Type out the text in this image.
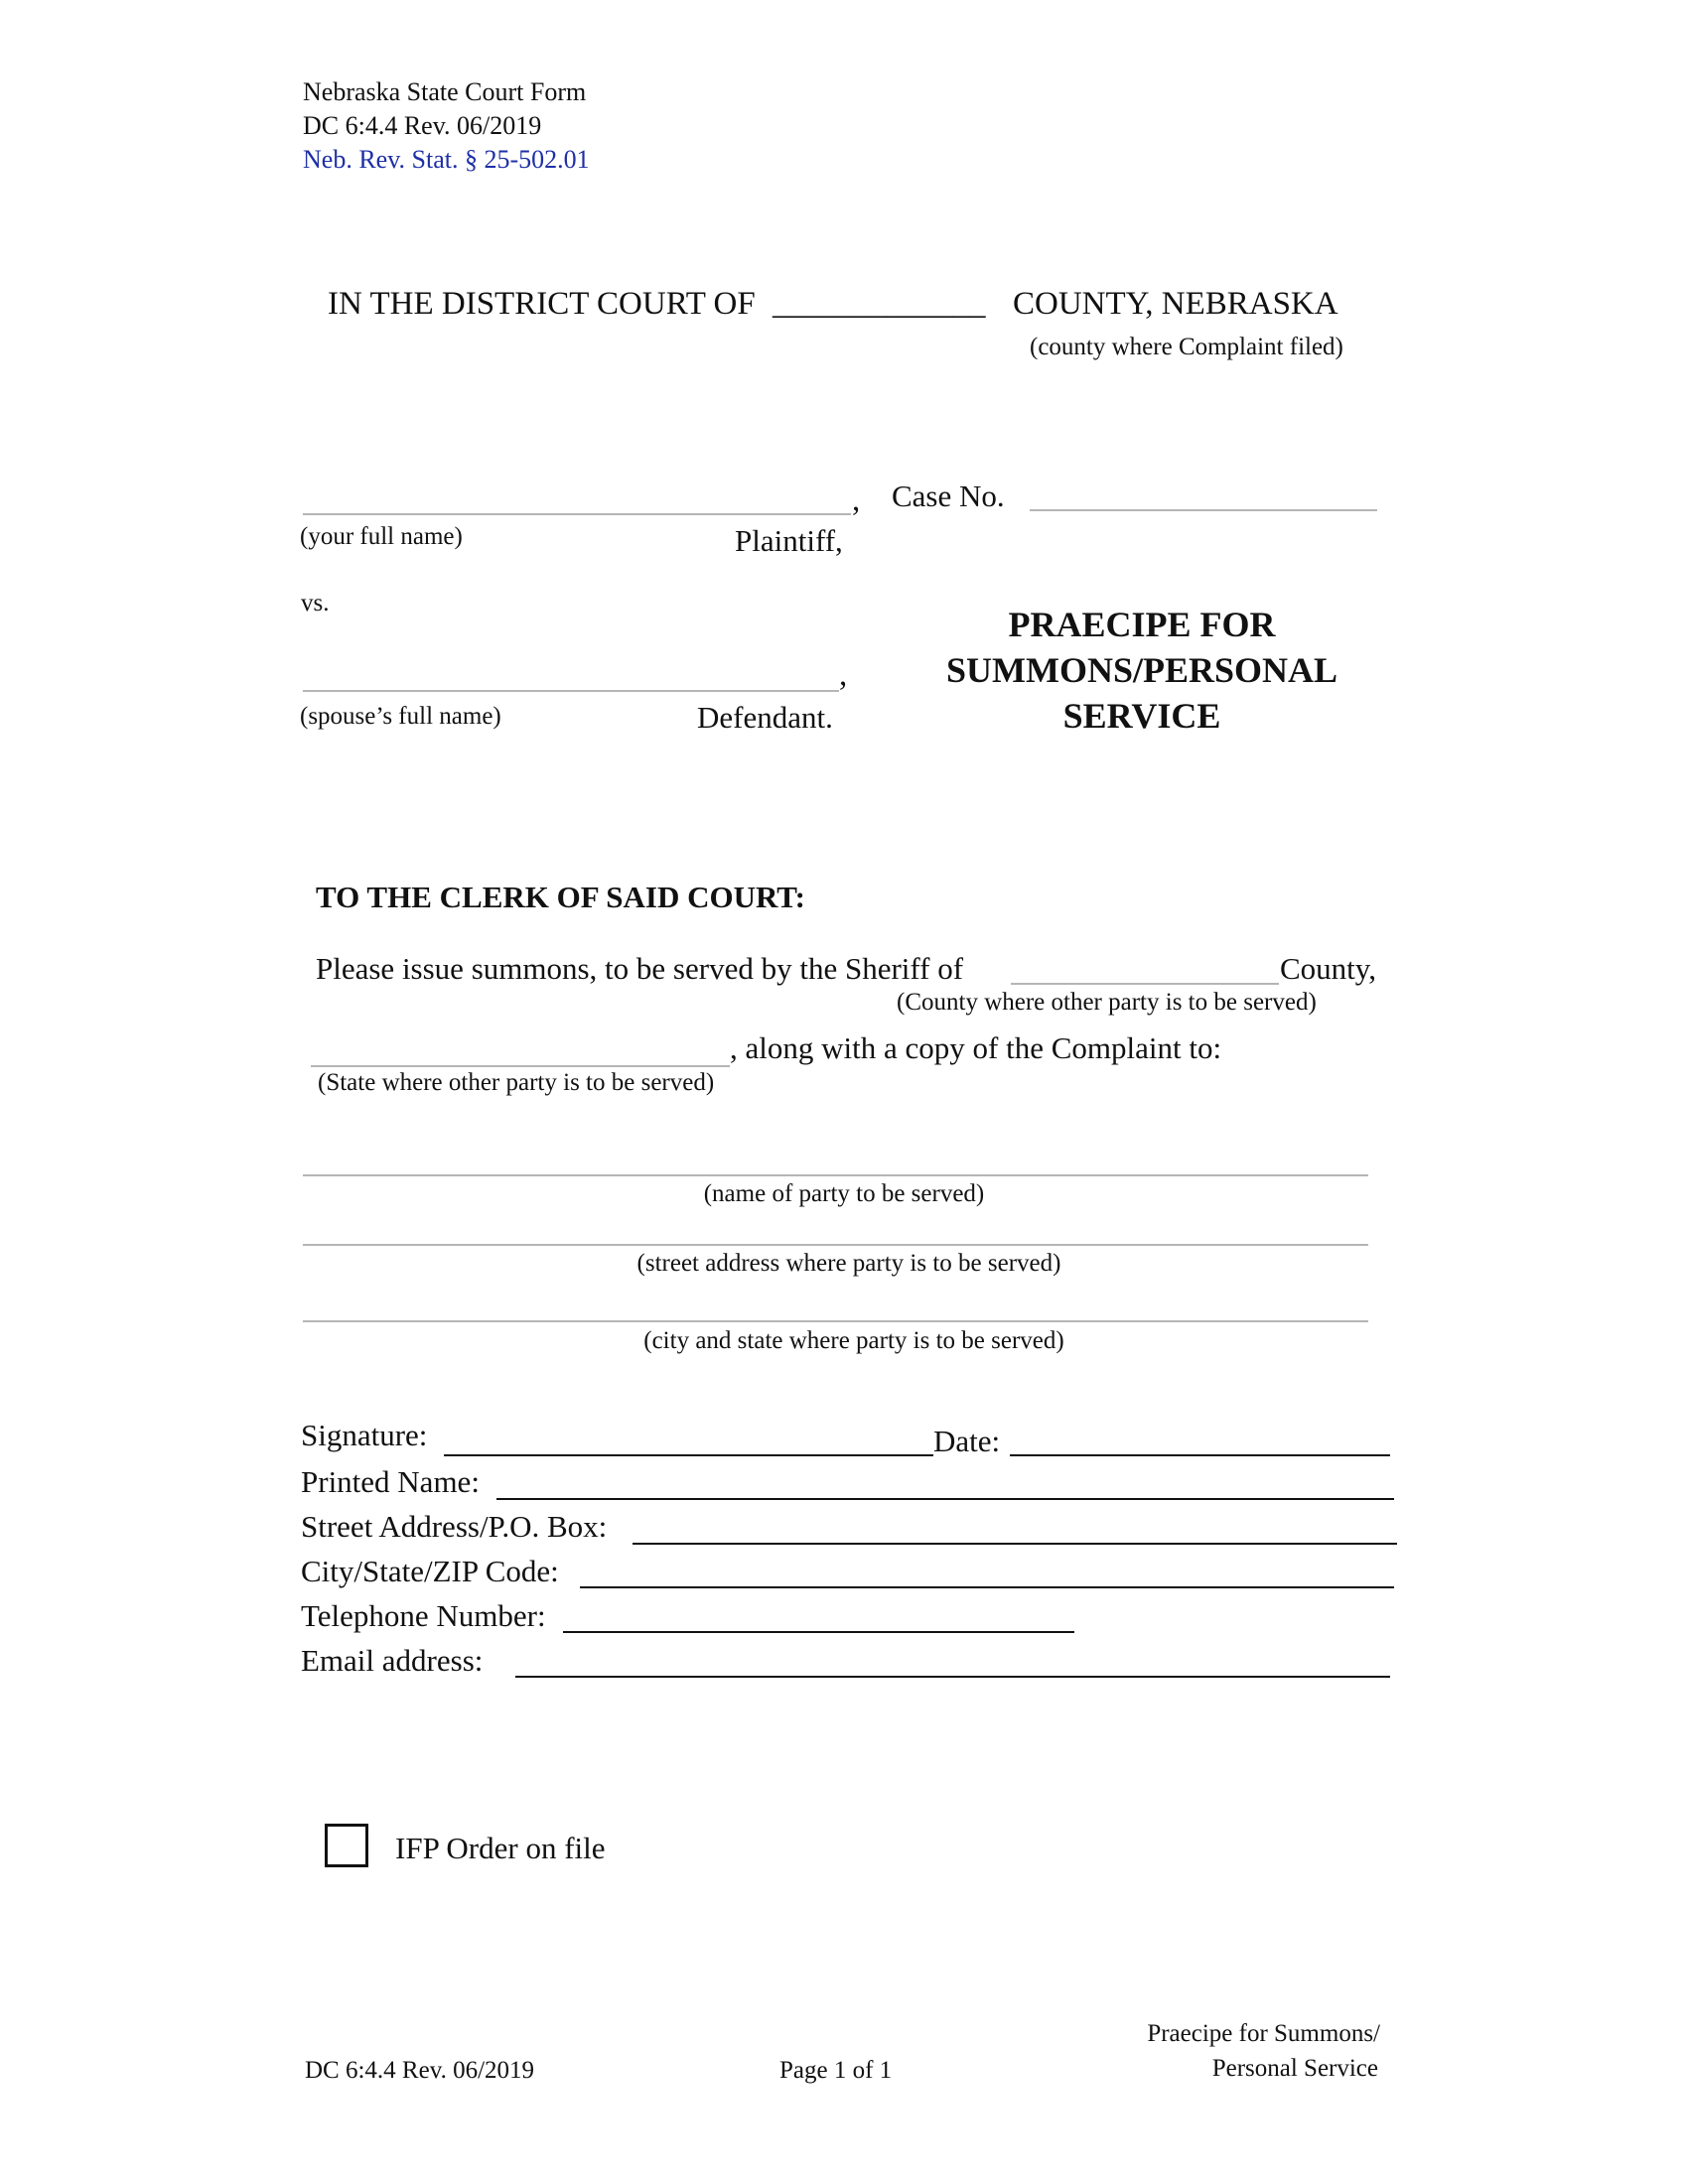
Nebraska State Court Form
DC 6:4.4 Rev. 06/2019
Neb. Rev. Stat. § 25-502.01
IN THE DISTRICT COURT OF _____________ COUNTY, NEBRASKA
(county where Complaint filed)
, Case No.
(your full name)	Plaintiff,
vs.
,
(spouse’s full name)	Defendant.
PRAECIPE FOR
SUMMONS/PERSONAL
SERVICE
TO THE CLERK OF SAID COURT:
Please issue summons, to be served by the Sheriff of	County,
(County where other party is to be served)
, along with a copy of the Complaint to:
(State where other party is to be served)
(name of party to be served)
(street address where party is to be served)
(city and state where party is to be served)
Signature:	Date:
Printed Name:
Street Address/P.O. Box:
City/State/ZIP Code:
Telephone Number:
Email address:
IFP Order on file
DC 6:4.4 Rev. 06/2019	Page 1 of 1
Praecipe for Summons/
Personal Service
